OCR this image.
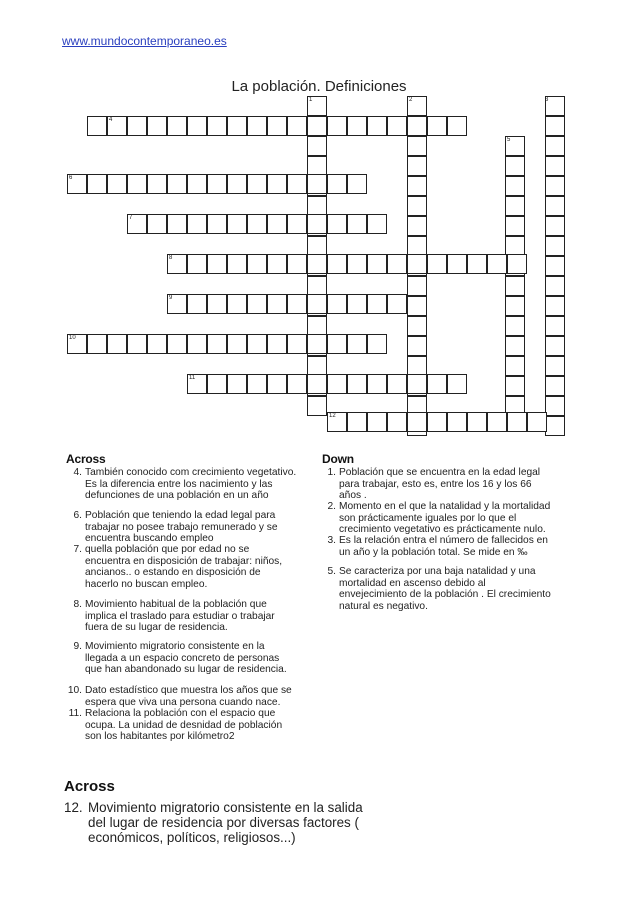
www.mundocontemporaneo.es
La población. Definiciones
1	2	3
4
5
6
7
8
9
10
11
12
Across	Down
4. También conocido com crecimiento vegetativo.
Es la diferencia entre los nacimiento y las
defunciones de una población en un año
6. Población que teniendo la edad legal para
trabajar no posee trabajo remunerado y se
encuentra buscando empleo
7. quella población que por edad no se
encuentra en disposición de trabajar: niños,
ancianos.. o estando en disposición de
hacerlo no buscan empleo.
8. Movimiento habitual de la población que
implica el traslado para estudiar o trabajar
fuera de su lugar de residencia.
9. Movimiento migratorio consistente en la
llegada a un espacio concreto de personas
que han abandonado su lugar de residencia.
10. Dato estadístico que muestra los años que se
espera que viva una persona cuando nace.
11. Relaciona la población con el espacio que
ocupa. La unidad de desnidad de población
son los habitantes por kilómetro2
1. Población que se encuentra en la edad legal
para trabajar, esto es, entre los 16 y los 66
años .
2. Momento en el que la natalidad y la mortalidad
son prácticamente iguales por lo que el
crecimiento vegetativo es prácticamente nulo.
3. Es la relación entra el número de fallecidos en
un año y la población total. Se mide en ‰
5. Se caracteriza por una baja natalidad y una
mortalidad en ascenso debido al
envejecimiento de la población . El crecimiento
natural es negativo.
Across
12. Movimiento migratorio consistente en la salida
del lugar de residencia por diversas factores (
económicos, políticos, religiosos...)
